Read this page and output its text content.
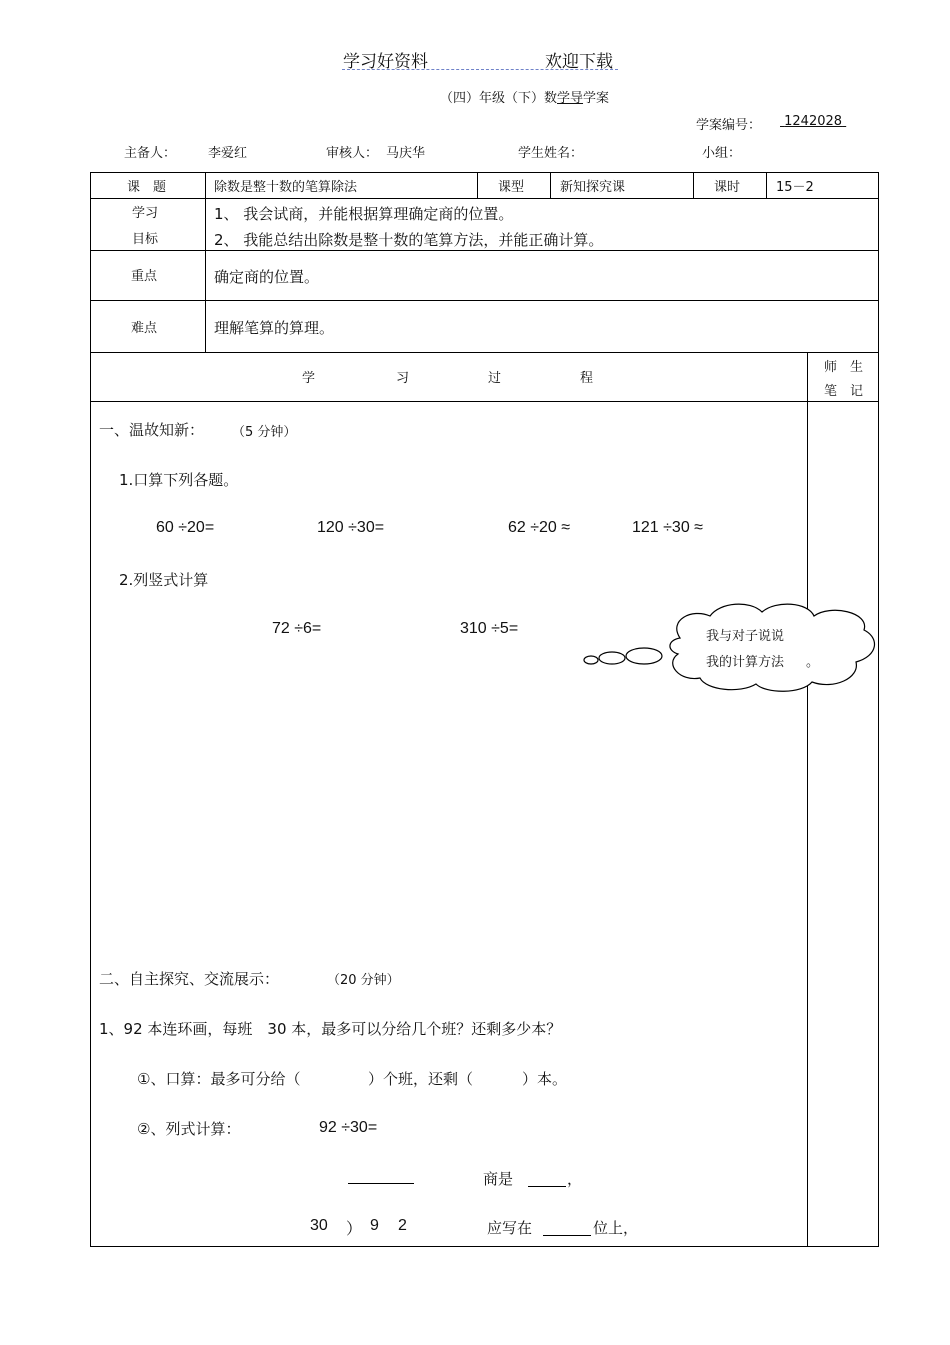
学习好资料	欢迎下载
（四）年级（下）数学导学案
学案编号：	1242028
主备人： 李爱红	审核人： 马庆华	学生姓名：	小组：
课　题	除数是整十数的笔算除法	课型	新知探究课	课时	15－2
学习
目标
1、 我会试商，并能根据算理确定商的位置。
2、 我能总结出除数是整十数的笔算方法，并能正确计算。
重点	确定商的位置。
难点	理解笔算的算理。
学	习	过	程
师　生
笔　记
一、温故知新： （5 分钟）
1.口算下列各题。
60 ÷20=	120 ÷30=	62 ÷20 ≈	121 ÷30 ≈
2.列竖式计算
72 ÷6=	310 ÷5=	我与对子说说
我的计算方法 。
二、自主探究、交流展示：	（20 分钟）
1、92 本连环画，每班　30 本，最多可以分给几个班？还剩多少本？
①、口算：最多可分给（	）个班，还剩（	）本。
②、列式计算：	92 ÷30=
商是	，
30 ） 9 2	应写在	位上，
